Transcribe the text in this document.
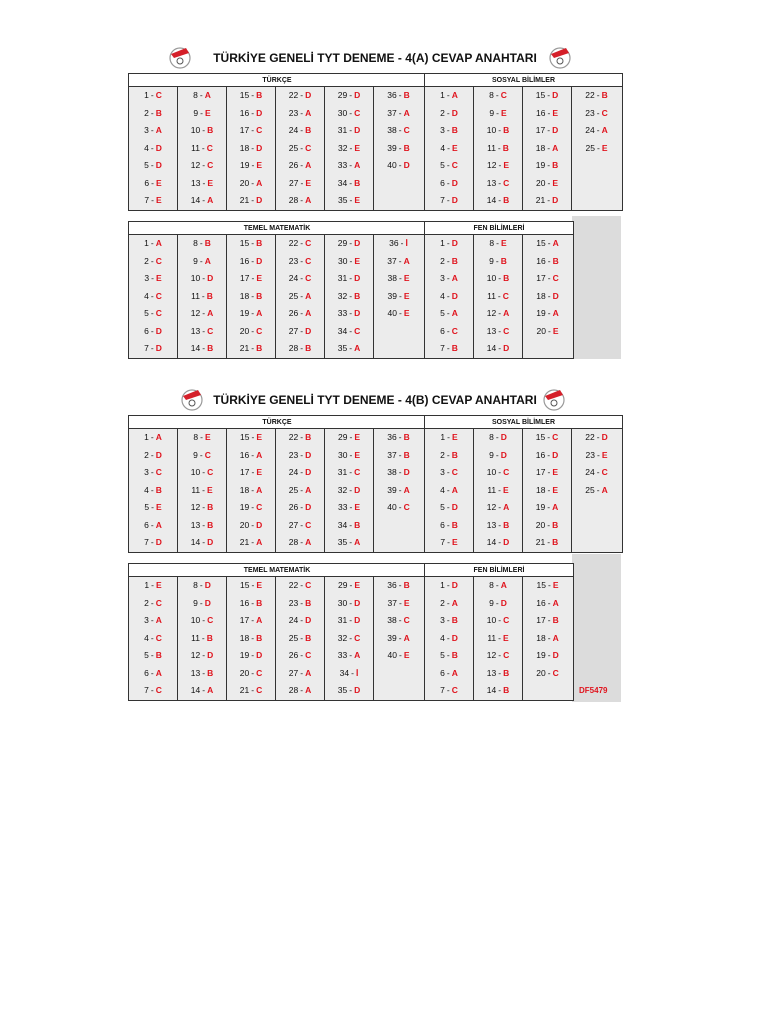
TÜRKİYE GENELİ TYT DENEME - 4(A) CEVAP ANAHTARI
TÜRKÇE
1 - C
2 - B
3 - A
4 - D
5 - D
6 - E
7 - E
8 - A
9 - E
10 - B
11 - C
12 - C
13 - E
14 - A
15 - B
16 - D
17 - C
18 - D
19 - E
20 - A
21 - D
22 - D
23 - A
24 - B
25 - C
26 - A
27 - E
28 - A
29 - D
30 - C
31 - D
32 - E
33 - A
34 - B
35 - E
36 - B
37 - A
38 - C
39 - B
40 - D
SOSYAL BİLİMLER
1 - A
2 - D
3 - B
4 - E
5 - C
6 - D
7 - D
8 - C
9 - E
10 - B
11 - B
12 - E
13 - C
14 - B
15 - D
16 - E
17 - D
18 - A
19 - B
20 - E
21 - D
22 - B
23 - C
24 - A
25 - E
TEMEL MATEMATİK
1 - A
2 - C
3 - E
4 - C
5 - C
6 - D
7 - D
8 - B
9 - A
10 - D
11 - B
12 - A
13 - C
14 - B
15 - B
16 - D
17 - E
18 - B
19 - A
20 - C
21 - B
22 - C
23 - C
24 - C
25 - A
26 - A
27 - D
28 - B
29 - D
30 - E
31 - D
32 - B
33 - D
34 - C
35 - A
36 - İ
37 - A
38 - E
39 - E
40 - E
FEN BİLİMLERİ
1 - D
2 - B
3 - A
4 - D
5 - A
6 - C
7 - B
8 - E
9 - B
10 - B
11 - C
12 - A
13 - C
14 - D
15 - A
16 - B
17 - C
18 - D
19 - A
20 - E
TÜRKİYE GENELİ TYT DENEME - 4(B) CEVAP ANAHTARI
TÜRKÇE
1 - A
2 - D
3 - C
4 - B
5 - E
6 - A
7 - D
8 - E
9 - C
10 - C
11 - E
12 - B
13 - B
14 - D
15 - E
16 - A
17 - E
18 - A
19 - C
20 - D
21 - A
22 - B
23 - D
24 - D
25 - A
26 - D
27 - C
28 - A
29 - E
30 - E
31 - C
32 - D
33 - E
34 - B
35 - A
36 - B
37 - B
38 - D
39 - A
40 - C
SOSYAL BİLİMLER
1 - E
2 - B
3 - C
4 - A
5 - D
6 - B
7 - E
8 - D
9 - D
10 - C
11 - E
12 - A
13 - B
14 - D
15 - C
16 - D
17 - E
18 - E
19 - A
20 - B
21 - B
22 - D
23 - E
24 - C
25 - A
TEMEL MATEMATİK
1 - E
2 - C
3 - A
4 - C
5 - B
6 - A
7 - C
8 - D
9 - D
10 - C
11 - B
12 - D
13 - B
14 - A
15 - E
16 - B
17 - A
18 - B
19 - D
20 - C
21 - C
22 - C
23 - B
24 - D
25 - B
26 - C
27 - A
28 - A
29 - E
30 - D
31 - D
32 - C
33 - A
34 - İ
35 - D
36 - B
37 - E
38 - C
39 - A
40 - E
FEN BİLİMLERİ
1 - D
2 - A
3 - B
4 - D
5 - B
6 - A
7 - C
8 - A
9 - D
10 - C
11 - E
12 - C
13 - B
14 - B
15 - E
16 - A
17 - B
18 - A
19 - D
20 - C
DF5479
